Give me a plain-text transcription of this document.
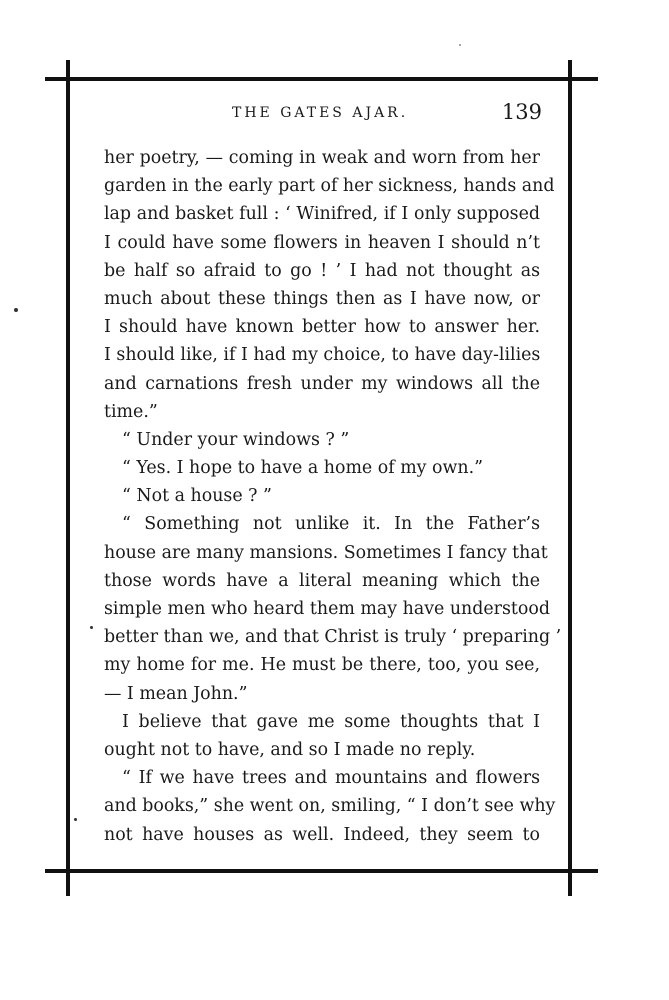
THE GATES AJAR.	139
her poetry, — coming in weak and worn from her
garden in the early part of her sickness, hands and
lap and basket full : ‘ Winifred, if I only supposed
I could have some flowers in heaven I should n’t
be half so afraid to go ! ’ I had not thought as
much about these things then as I have now, or
I should have known better how to answer her.
I should like, if I had my choice, to have day-lilies
and carnations fresh under my windows all the
time.”
“ Under your windows ? ”
“ Yes. I hope to have a home of my own.”
“ Not a house ? ”
“ Something not unlike it. In the Father’s
house are many mansions. Sometimes I fancy that
those words have a literal meaning which the
simple men who heard them may have understood
better than we, and that Christ is truly ‘ preparing ’
my home for me. He must be there, too, you see,
— I mean John.”
I believe that gave me some thoughts that I
ought not to have, and so I made no reply.
“ If we have trees and mountains and flowers
and books,” she went on, smiling, “ I don’t see why
not have houses as well. Indeed, they seem to
